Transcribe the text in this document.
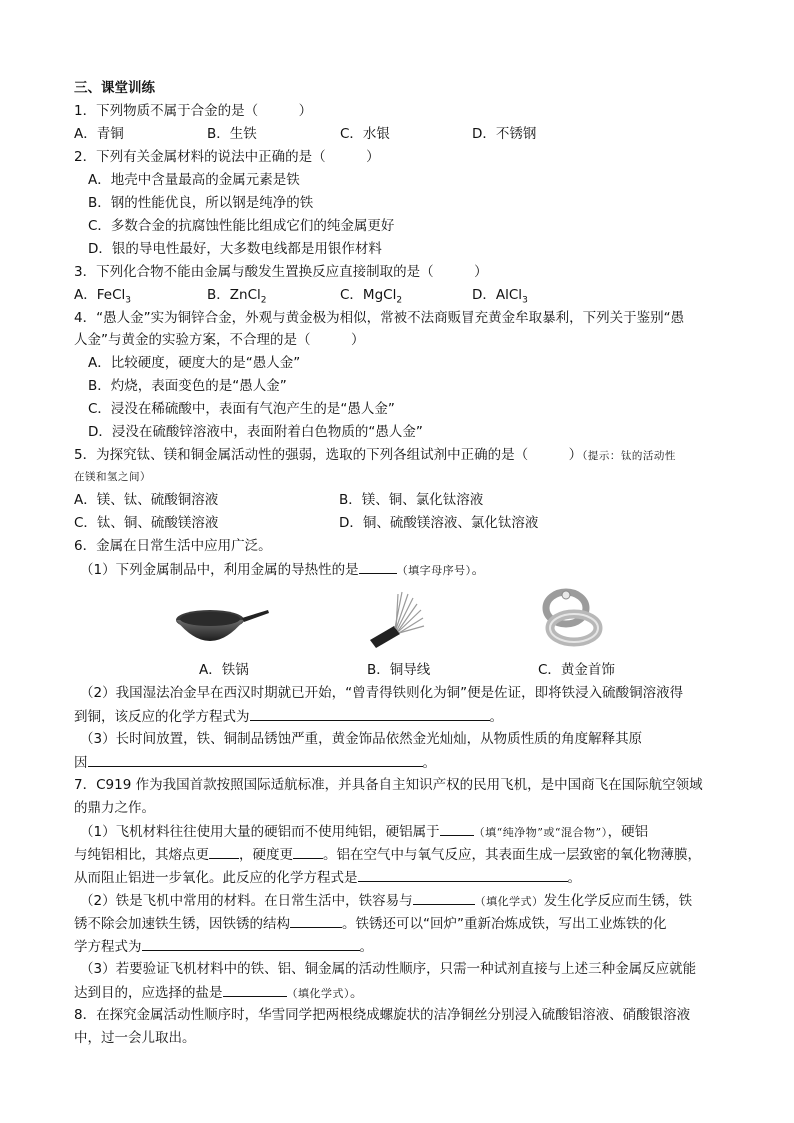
三、课堂训练
1．下列物质不属于合金的是（　　　）
A．青铜	B．生铁	C．水银	D．不锈钢
2．下列有关金属材料的说法中正确的是（　　　）
A．地壳中含量最高的金属元素是铁
B．钢的性能优良，所以钢是纯净的铁
C．多数合金的抗腐蚀性能比组成它们的纯金属更好
D．银的导电性最好，大多数电线都是用银作材料
3．下列化合物不能由金属与酸发生置换反应直接制取的是（　　　）
A．FeCl$_3$	B．ZnCl$_2$	C．MgCl$_2$	D．AlCl$_3$
4．“愚人金”实为铜锌合金，外观与黄金极为相似，常被不法商贩冒充黄金牟取暴利，下列关于鉴别“愚
人金”与黄金的实验方案，不合理的是（　　　）
A．比较硬度，硬度大的是“愚人金”
B．灼烧，表面变色的是“愚人金”
C．浸没在稀硫酸中，表面有气泡产生的是“愚人金”
D．浸没在硫酸锌溶液中，表面附着白色物质的“愚人金”
5．为探究钛、镁和铜金属活动性的强弱，选取的下列各组试剂中正确的是（　　　）（提示：钛的活动性
在镁和氢之间）
A．镁、钛、硫酸铜溶液	B．镁、铜、氯化钛溶液
C．钛、铜、硫酸镁溶液	D．铜、硫酸镁溶液、氯化钛溶液
6．金属在日常生活中应用广泛。
（1）下列金属制品中，利用金属的导热性的是	（填字母序号）。
A．铁锅	B．铜导线	C．黄金首饰
（2）我国湿法冶金早在西汉时期就已开始，“曾青得铁则化为铜”便是佐证，即将铁浸入硫酸铜溶液得
到铜，该反应的化学方程式为	。
（3）长时间放置，铁、铜制品锈蚀严重，黄金饰品依然金光灿灿，从物质性质的角度解释其原
因	。
7．C919 作为我国首款按照国际适航标准，并具备自主知识产权的民用飞机，是中国商飞在国际航空领域
的鼎力之作。
（1）飞机材料往往使用大量的硬铝而不使用纯铝，硬铝属于	（填“纯净物”或“混合物”），硬铝
与纯铝相比，其熔点更 ，硬度更 。铝在空气中与氧气反应，其表面生成一层致密的氧化物薄膜，
从而阻止铝进一步氧化。此反应的化学方程式是	。
（2）铁是飞机中常用的材料。在日常生活中，铁容易与	（填化学式）发生化学反应而生锈，铁
锈不除会加速铁生锈，因铁锈的结构	。铁锈还可以“回炉”重新冶炼成铁，写出工业炼铁的化
学方程式为	。
（3）若要验证飞机材料中的铁、铝、铜金属的活动性顺序，只需一种试剂直接与上述三种金属反应就能
达到目的，应选择的盐是	（填化学式）。
8．在探究金属活动性顺序时，华雪同学把两根绕成螺旋状的洁净铜丝分别浸入硫酸铝溶液、硝酸银溶液
中，过一会儿取出。
